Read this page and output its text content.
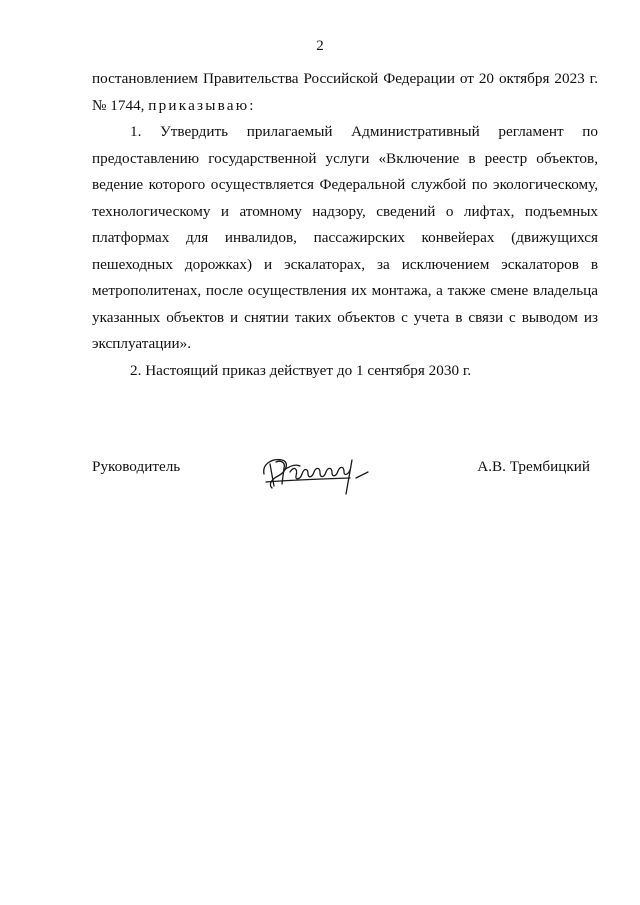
2

постановлением Правительства Российской Федерации от 20 октября 2023 г. № 1744, приказываю:

1. Утвердить прилагаемый Административный регламент по предоставлению государственной услуги «Включение в реестр объектов, ведение которого осуществляется Федеральной службой по экологическому, технологическому и атомному надзору, сведений о лифтах, подъемных платформах для инвалидов, пассажирских конвейерах (движущихся пешеходных дорожках) и эскалаторах, за исключением эскалаторов в метрополитенах, после осуществления их монтажа, а также смене владельца указанных объектов и снятии таких объектов с учета в связи с выводом из эксплуатации».

2. Настоящий приказ действует до 1 сентября 2030 г.

Руководитель	А.В. Трембицкий
